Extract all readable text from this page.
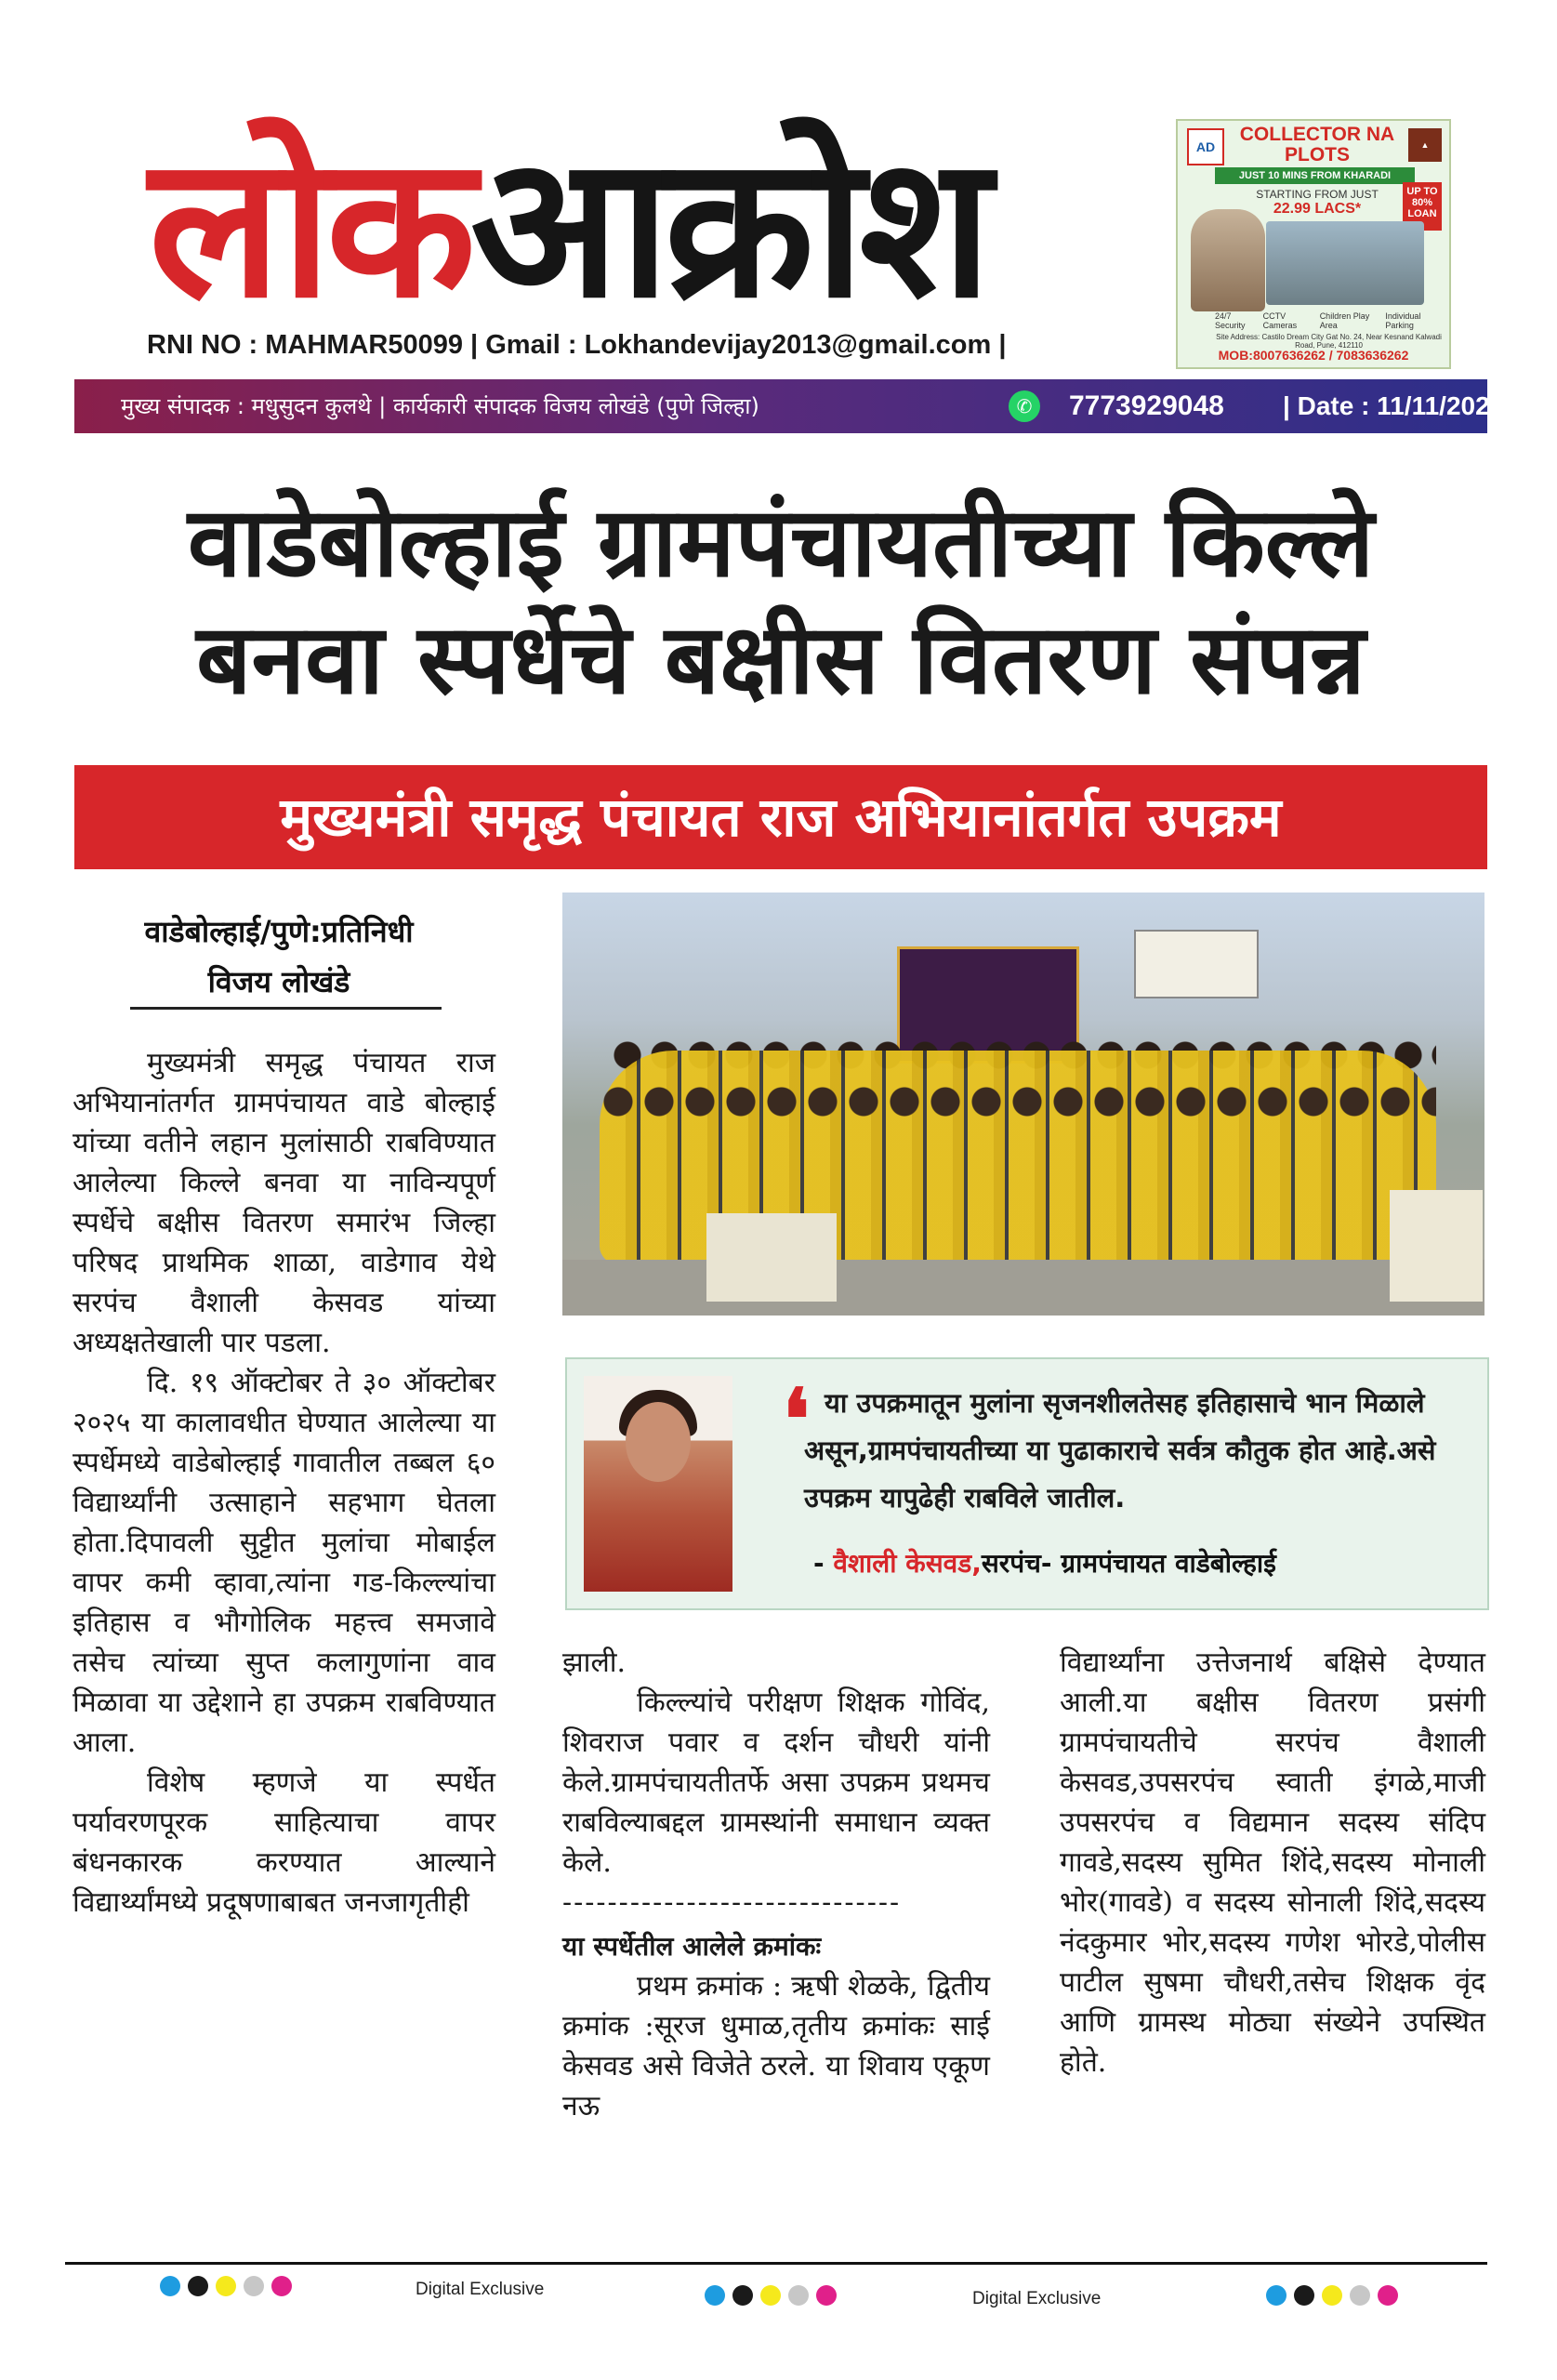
लोकआक्रोश
RNI NO : MAHMAR50099 | Gmail : Lokhandevijay2013@gmail.com |
AD	▲
COLLECTOR NA PLOTS
JUST 10 MINS FROM KHARADI
STARTING FROM JUST
22.99 LACS*
UP TO 80% LOAN
24/7 Security
CCTV Cameras
Children Play Area
Individual Parking
Site Address: Castilo Dream City Gat No. 24, Near Kesnand Kalwadi Road, Pune, 412110
MOB:8007636262 / 7083636262
मुख्य संपादक : मधुसुदन कुलथे | कार्यकारी संपादक विजय लोखंडे (पुणे जिल्हा)	✆ 7773929048 | Date : 11/11/2025
वाडेबोल्हाई ग्रामपंचायतीच्या किल्ले
बनवा स्पर्धेचे बक्षीस वितरण संपन्न
मुख्यमंत्री समृद्ध पंचायत राज अभियानांतर्गत उपक्रम
वाडेबोल्हाई/पुणे:प्रतिनिधी
विजय लोखंडे

मुख्यमंत्री समृद्ध पंचायत राज अभियानांतर्गत ग्रामपंचायत वाडे बोल्हाई यांच्या वतीने लहान मुलांसाठी राबविण्यात आलेल्या किल्ले बनवा या नाविन्यपूर्ण स्पर्धेचे बक्षीस वितरण समारंभ जिल्हा परिषद प्राथमिक शाळा, वाडेगाव येथे सरपंच वैशाली केसवड यांच्या अध्यक्षतेखाली पार पडला.

दि. १९ ऑक्टोबर ते ३० ऑक्टोबर २०२५ या कालावधीत घेण्यात आलेल्या या स्पर्धेमध्ये वाडेबोल्हाई गावातील तब्बल ६० विद्यार्थ्यांनी उत्साहाने सहभाग घेतला होता.दिपावली सुट्टीत मुलांचा मोबाईल वापर कमी व्हावा,त्यांना गड-किल्ल्यांचा इतिहास व भौगोलिक महत्त्व समजावे तसेच त्यांच्या सुप्त कलागुणांना वाव मिळावा या उद्देशाने हा उपक्रम राबविण्यात आला.

विशेष म्हणजे या स्पर्धेत पर्यावरणपूरक साहित्याचा वापर बंधनकारक करण्यात आल्याने विद्यार्थ्यांमध्ये प्रदूषणाबाबत जनजागृतीही

❛ या उपक्रमातून मुलांना सृजनशीलतेसह इतिहासाचे भान मिळाले असून,ग्रामपंचायतीच्या या पुढाकाराचे सर्वत्र कौतुक होत आहे.असे उपक्रम यापुढेही राबविले जातील.
- वैशाली केसवड,सरपंच- ग्रामपंचायत वाडेबोल्हाई

झाली.

किल्ल्यांचे परीक्षण शिक्षक गोविंद, शिवराज पवार व दर्शन चौधरी यांनी केले.ग्रामपंचायतीतर्फे असा उपक्रम प्रथमच राबविल्याबद्दल ग्रामस्थांनी समाधान व्यक्त केले.

------------------------------

या स्पर्धेतील आलेले क्रमांकः

प्रथम क्रमांक : ऋषी शेळके, द्वितीय क्रमांक :सूरज धुमाळ,तृतीय क्रमांकः साई केसवड असे विजेते ठरले. या शिवाय एकूण नऊ

विद्यार्थ्यांना उत्तेजनार्थ बक्षिसे देण्यात आली.या बक्षीस वितरण प्रसंगी ग्रामपंचायतीचे सरपंच वैशाली केसवड,उपसरपंच स्वाती इंगळे,माजी उपसरपंच व विद्यमान सदस्य संदिप गावडे,सदस्य सुमित शिंदे,सदस्य मोनाली भोर(गावडे) व सदस्य सोनाली शिंदे,सदस्य नंदकुमार भोर,सदस्य गणेश भोरडे,पोलीस पाटील सुषमा चौधरी,तसेच शिक्षक वृंद आणि ग्रामस्थ मोठ्या संख्येने उपस्थित होते.

Digital Exclusive	Digital Exclusive
